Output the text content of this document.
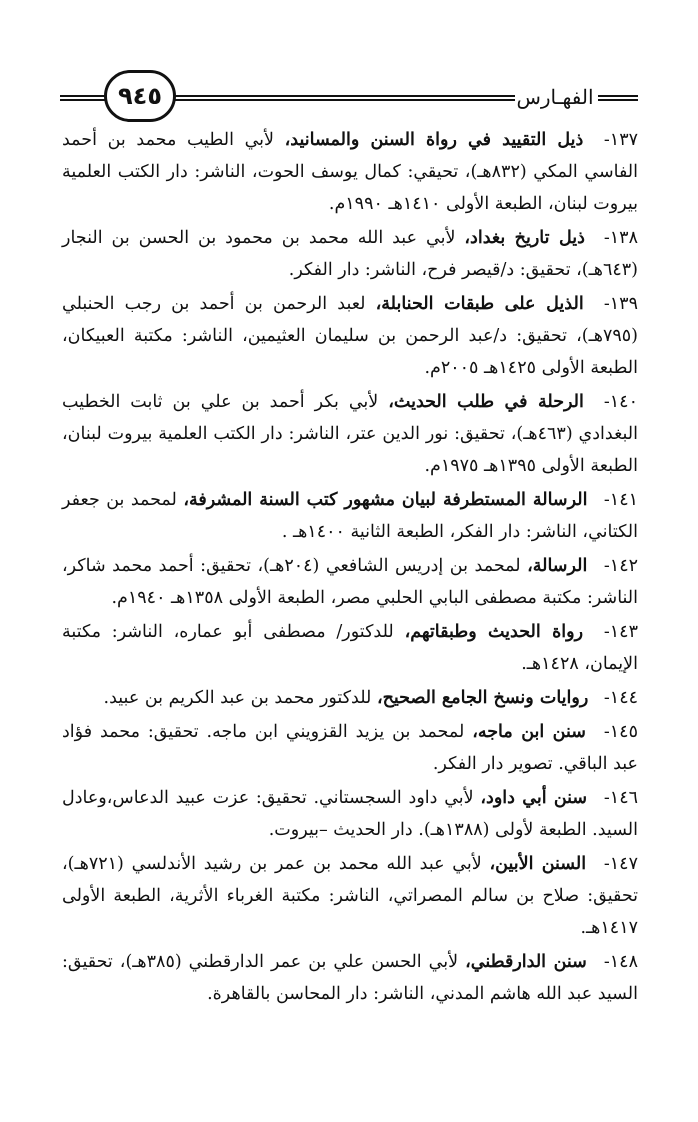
٩٤٥	الفهـارس

١٣٧- ذيل التقييد في رواة السنن والمسانيد، لأبي الطيب محمد بن أحمد الفاسي المكي (٨٣٢هـ)، تحيقي: كمال يوسف الحوت، الناشر: دار الكتب العلمية بيروت لبنان، الطبعة الأولى ١٤١٠هـ ١٩٩٠م.

١٣٨- ذيل تاريخ بغداد، لأبي عبد الله محمد بن محمود بن الحسن بن النجار (٦٤٣هـ)، تحقيق: د/قيصر فرح، الناشر: دار الفكر.

١٣٩- الذيل على طبقات الحنابلة، لعبد الرحمن بن أحمد بن رجب الحنبلي (٧٩٥هـ)، تحقيق: د/عبد الرحمن بن سليمان العثيمين، الناشر: مكتبة العبيكان، الطبعة الأولى ١٤٢٥هـ ٢٠٠٥م.

١٤٠- الرحلة في طلب الحديث، لأبي بكر أحمد بن علي بن ثابت الخطيب البغدادي (٤٦٣هـ)، تحقيق: نور الدين عتر، الناشر: دار الكتب العلمية بيروت لبنان، الطبعة الأولى ١٣٩٥هـ ١٩٧٥م.

١٤١- الرسالة المستطرفة لبيان مشهور كتب السنة المشرفة، لمحمد بن جعفر الكتاني، الناشر: دار الفكر، الطبعة الثانية ١٤٠٠هـ .

١٤٢- الرسالة، لمحمد بن إدريس الشافعي (٢٠٤هـ)، تحقيق: أحمد محمد شاكر، الناشر: مكتبة مصطفى البابي الحلبي مصر، الطبعة الأولى ١٣٥٨هـ ١٩٤٠م.

١٤٣- رواة الحديث وطبقاتهم، للدكتور/ مصطفى أبو عماره، الناشر: مكتبة الإيمان، ١٤٢٨هـ.

١٤٤- روايات ونسخ الجامع الصحيح، للدكتور محمد بن عبد الكريم بن عبيد.

١٤٥- سنن ابن ماجه، لمحمد بن يزيد القزويني ابن ماجه. تحقيق: محمد فؤاد عبد الباقي. تصوير دار الفكر.

١٤٦- سنن أبي داود، لأبي داود السجستاني. تحقيق: عزت عبيد الدعاس،وعادل السيد. الطبعة لأولى (١٣٨٨هـ). دار الحديث –بيروت.

١٤٧- السنن الأبين، لأبي عبد الله محمد بن عمر بن رشيد الأندلسي (٧٢١هـ)، تحقيق: صلاح بن سالم المصراتي، الناشر: مكتبة الغرباء الأثرية، الطبعة الأولى ١٤١٧هـ.

١٤٨- سنن الدارقطني، لأبي الحسن علي بن عمر الدارقطني (٣٨٥هـ)، تحقيق: السيد عبد الله هاشم المدني، الناشر: دار المحاسن بالقاهرة.
